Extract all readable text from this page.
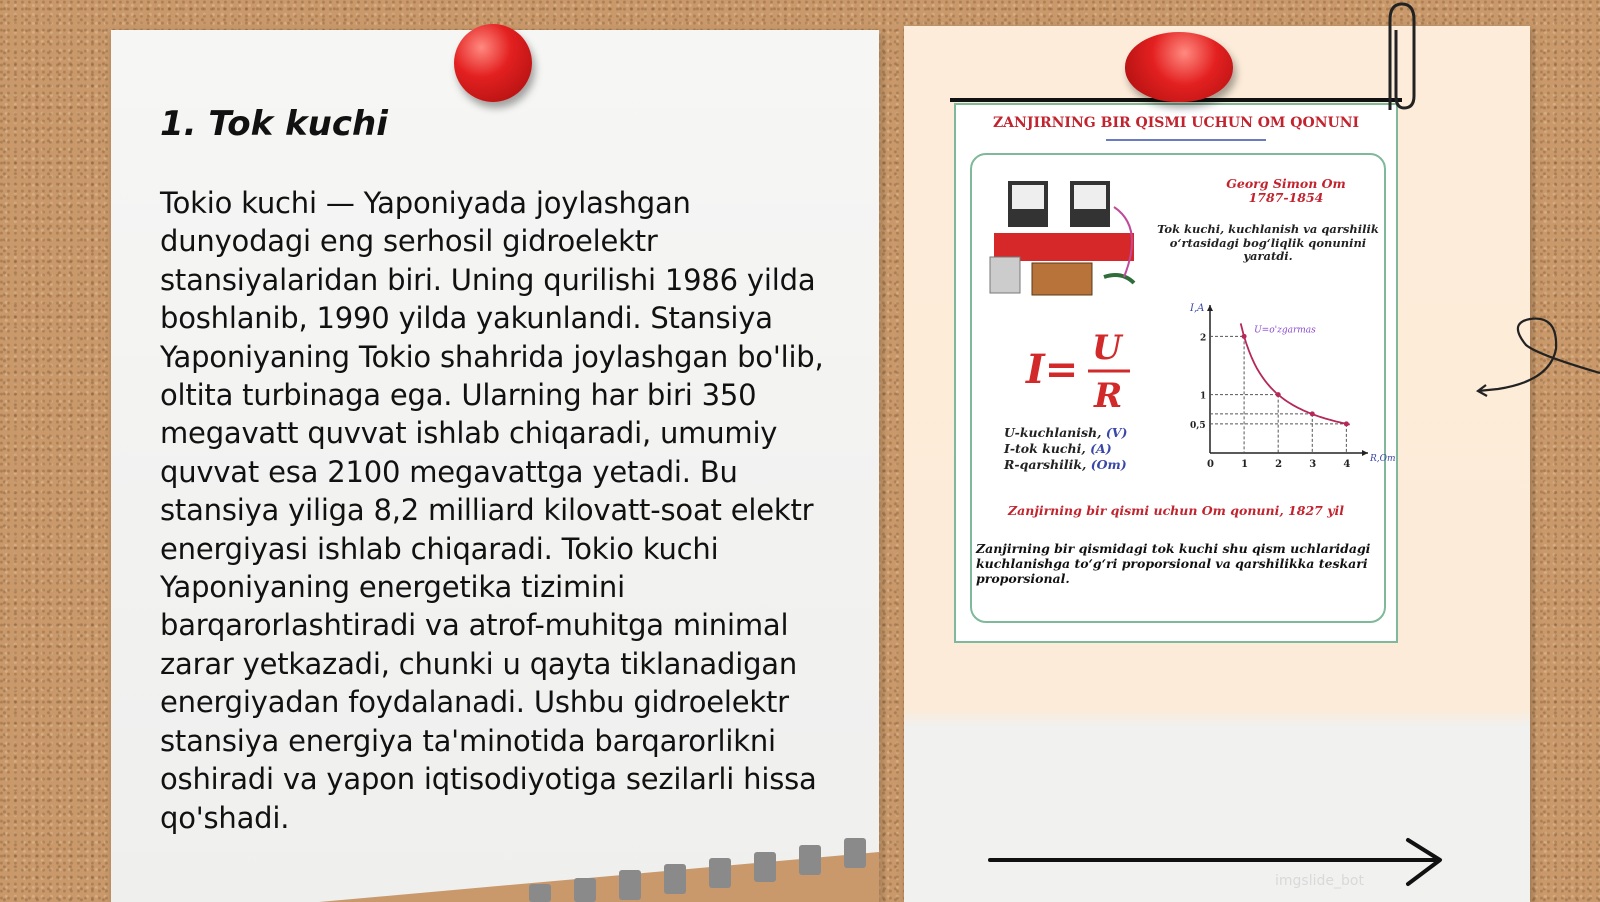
1. Tok kuchi

Tokio kuchi — Yaponiyada joylashgan dunyodagi eng serhosil gidroelektr stansiyalaridan biri. Uning qurilishi 1986 yilda boshlanib, 1990 yilda yakunlandi. Stansiya Yaponiyaning Tokio shahrida joylashgan bo'lib, oltita turbinaga ega. Ularning har biri 350 megavatt quvvat ishlab chiqaradi, umumiy quvvat esa 2100 megavattga yetadi. Bu stansiya yiliga 8,2 milliard kilovatt-soat elektr energiyasi ishlab chiqaradi. Tokio kuchi Yaponiyaning energetika tizimini barqarorlashtiradi va atrof-muhitga minimal zarar yetkazadi, chunki u qayta tiklanadigan energiyadan foydalanadi. Ushbu gidroelektr stansiya energiya ta'minotida barqarorlikni oshiradi va yapon iqtisodiyotiga sezilarli hissa qo'shadi.

ZANJIRNING BIR QISMI UCHUN OM QONUNI

Georg Simon Om
1787-1854

Tok kuchi, kuchlanish va qarshilik o‘rtasidagi bog‘liqlik qonunini yaratdi.

I= U
R

U-kuchlanish, (V)
I-tok kuchi, (A)
R-qarshilik, (Om)

I,A
R,Om
0	1	2	3	4
0,5
1
2
U=o'zgarmas

Zanjirning bir qismi uchun Om qonuni, 1827 yil

Zanjirning bir qismidagi tok kuchi shu qism uchlaridagi kuchlanishga to‘g‘ri proporsional va qarshilikka teskari proporsional.

imgslide_bot
